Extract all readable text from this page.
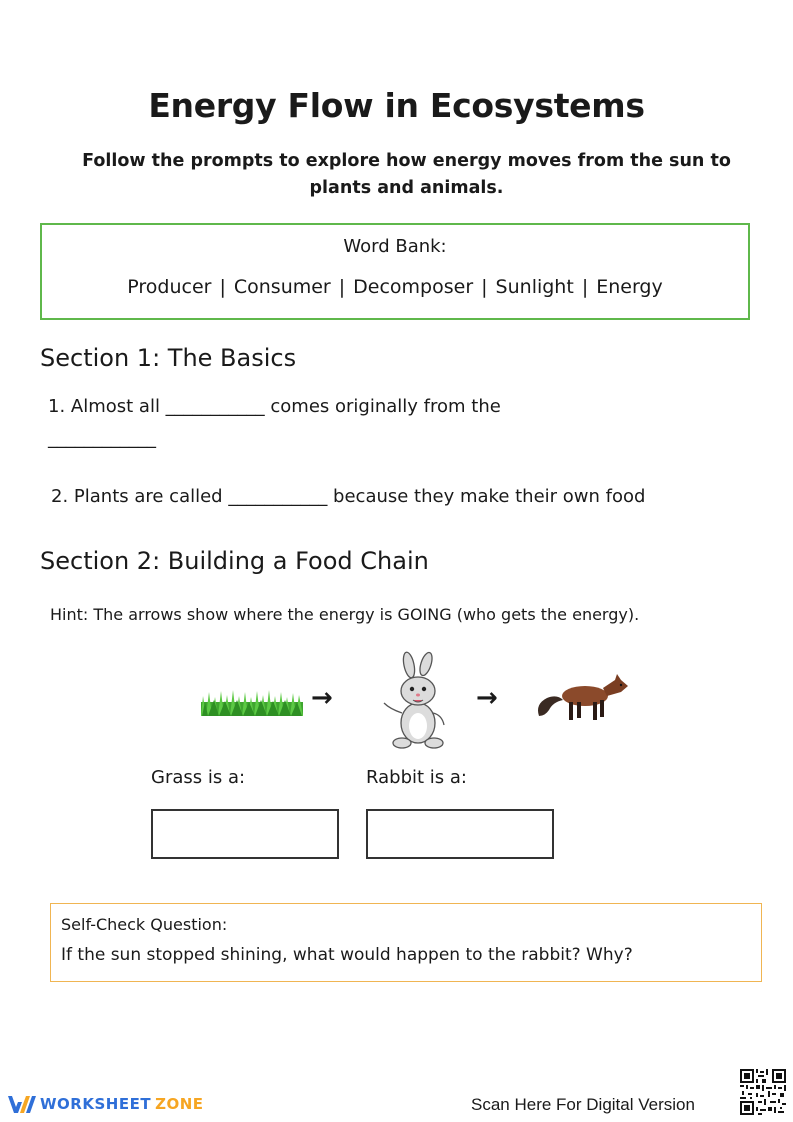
Energy Flow in Ecosystems
Follow the prompts to explore how energy moves from the sun to plants and animals.
Word Bank:
Producer | Consumer | Decomposer | Sunlight | Energy
Section 1: The Basics
1. Almost all ___________ comes originally from the
____________
2. Plants are called ___________ because they make their own food
Section 2: Building a Food Chain
Hint: The arrows show where the energy is GOING (who gets the energy).
→	→
Grass is a:	Rabbit is a:
Self-Check Question:
If the sun stopped shining, what would happen to the rabbit? Why?
WORKSHEET ZONE	Scan Here For Digital Version
